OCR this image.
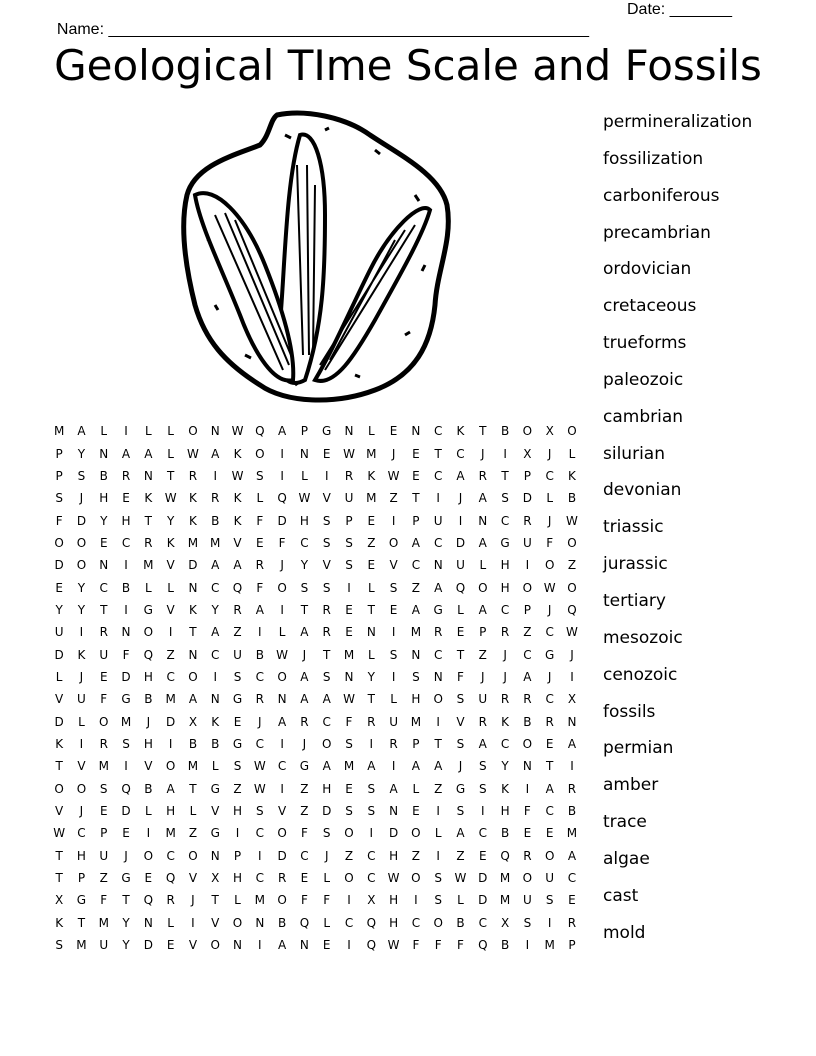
Name: ______________________________________________________

Date: _______

Geological TIme Scale and Fossils
M	A	L	I	L	L	O	N W Q	A	P	G	N	L	E	N	C	K	T	B	O	X	O
P	Y	N	A	A	L	W	A	K	O	I	N	E	W M	J	E	T	C	J	I	X	J	L
P	S	B	R	N	T	R	I	W	S	I	L	I	R	K	W	E	C	A	R	T	P	C	K
S	J	H	E	K	W	K	R	K	L	Q W	V	U	M	Z	T	I	J	A	S	D	L	B
F	D	Y	H	T	Y	K	B	K	F	D	H	S	P	E	I	P	U	I	N	C	R	J	W
O	O	E	C	R	K	M M	V	E	F	C	S	S	Z	O	A	C	D	A	G	U	F	O
D	O	N	I	M	V	D	A	A	R	J	Y	V	S	E	V	C	N	U	L	H	I	O	Z
E	Y	C	B	L	L	N	C	Q	F	O	S	S	I	L	S	Z	A	Q	O	H	O W O
Y	Y	T	I	G	V	K	Y	R	A	I	T	R	E	T	E	A	G	L	A	C	P	J	Q
U	I	R	N	O	I	T	A	Z	I	L	A	R	E	N	I	M	R	E	P	R	Z	C	W
D	K	U	F	Q	Z	N	C	U	B	W	J	T	M	L	S	N	C	T	Z	J	C	G	J
L	J	E	D	H	C	O	I	S	C	O	A	S	N	Y	I	S	N	F	J	J	A	J	I
V	U	F	G	B	M	A	N	G	R	N	A	A	W	T	L	H	O	S	U	R	R	C	X
D	L	O	M	J	D	X	K	E	J	A	R	C	F	R	U	M	I	V	R	K	B	R	N
K	I	R	S	H	I	B	B	G	C	I	J	O	S	I	R	P	T	S	A	C	O	E	A
T	V	M	I	V	O	M	L	S	W	C	G	A	M	A	I	A	A	J	S	Y	N	T	I
O	O	S	Q	B	A	T	G	Z	W	I	Z	H	E	S	A	L	Z	G	S	K	I	A	R
V	J	E	D	L	H	L	V	H	S	V	Z	D	S	S	N	E	I	S	I	H	F	C	B
W	C	P	E	I	M	Z	G	I	C	O	F	S	O	I	D	O	L	A	C	B	E	E	M
T	H	U	J	O	C	O	N	P	I	D	C	J	Z	C	H	Z	I	Z	E	Q	R	O	A
T	P	Z	G	E	Q	V	X	H	C	R	E	L	O	C	W O	S	W D	M	O	U	C
X	G	F	T	Q	R	J	T	L	M	O	F	F	I	X	H	I	S	L	D	M	U	S	E
K	T	M	Y	N	L	I	V	O	N	B	Q	L	C	Q	H	C	O	B	C	X	S	I	R
S	M	U	Y	D	E	V	O	N	I	A	N	E	I	Q W	F	F	F	Q	B	I	M	P
permineralization
fossilization
carboniferous
precambrian
ordovician
cretaceous
trueforms
paleozoic
cambrian
silurian
devonian
triassic
jurassic
tertiary
mesozoic
cenozoic
fossils
permian
amber
trace
algae
cast
mold
